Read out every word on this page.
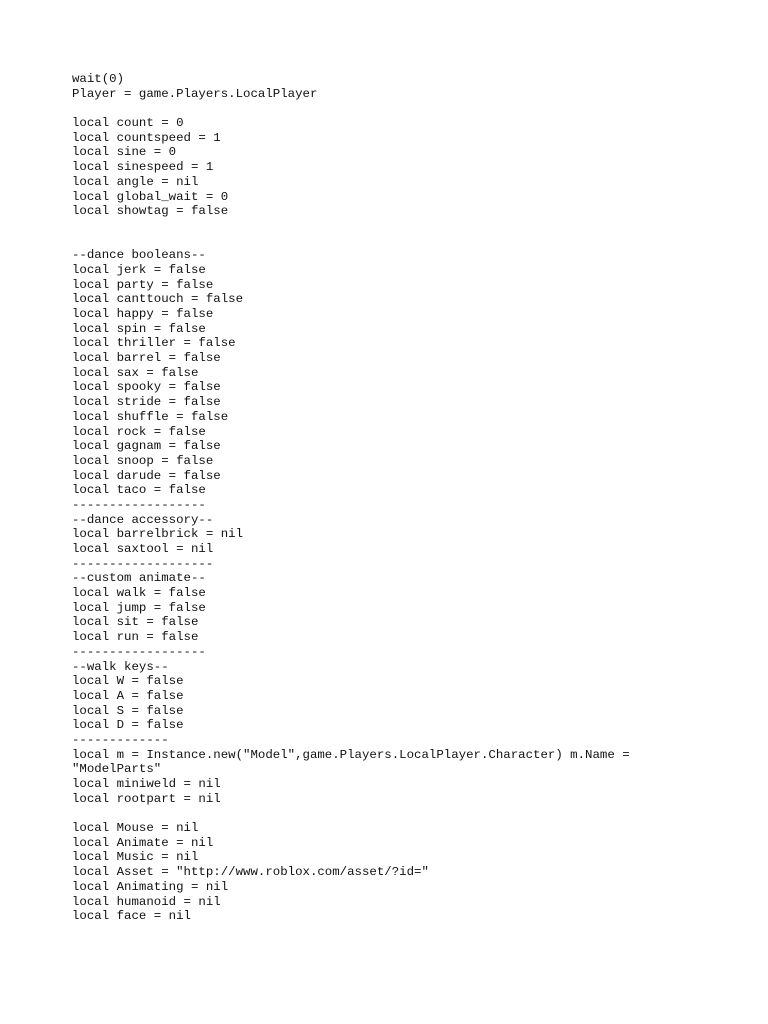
wait(0)
Player = game.Players.LocalPlayer
local count = 0
local countspeed = 1
local sine = 0
local sinespeed = 1
local angle = nil
local global_wait = 0
local showtag = false
--dance booleans--
local jerk = false
local party = false
local canttouch = false
local happy = false
local spin = false
local thriller = false
local barrel = false
local sax = false
local spooky = false
local stride = false
local shuffle = false
local rock = false
local gagnam = false
local snoop = false
local darude = false
local taco = false
------------------
--dance accessory--
local barrelbrick = nil
local saxtool = nil
-------------------
--custom animate--
local walk = false
local jump = false
local sit = false
local run = false
------------------
--walk keys--
local W = false
local A = false
local S = false
local D = false
-------------
local m = Instance.new("Model",game.Players.LocalPlayer.Character) m.Name =
"ModelParts"
local miniweld = nil
local rootpart = nil
local Mouse = nil
local Animate = nil
local Music = nil
local Asset = "http://www.roblox.com/asset/?id="
local Animating = nil
local humanoid = nil
local face = nil
